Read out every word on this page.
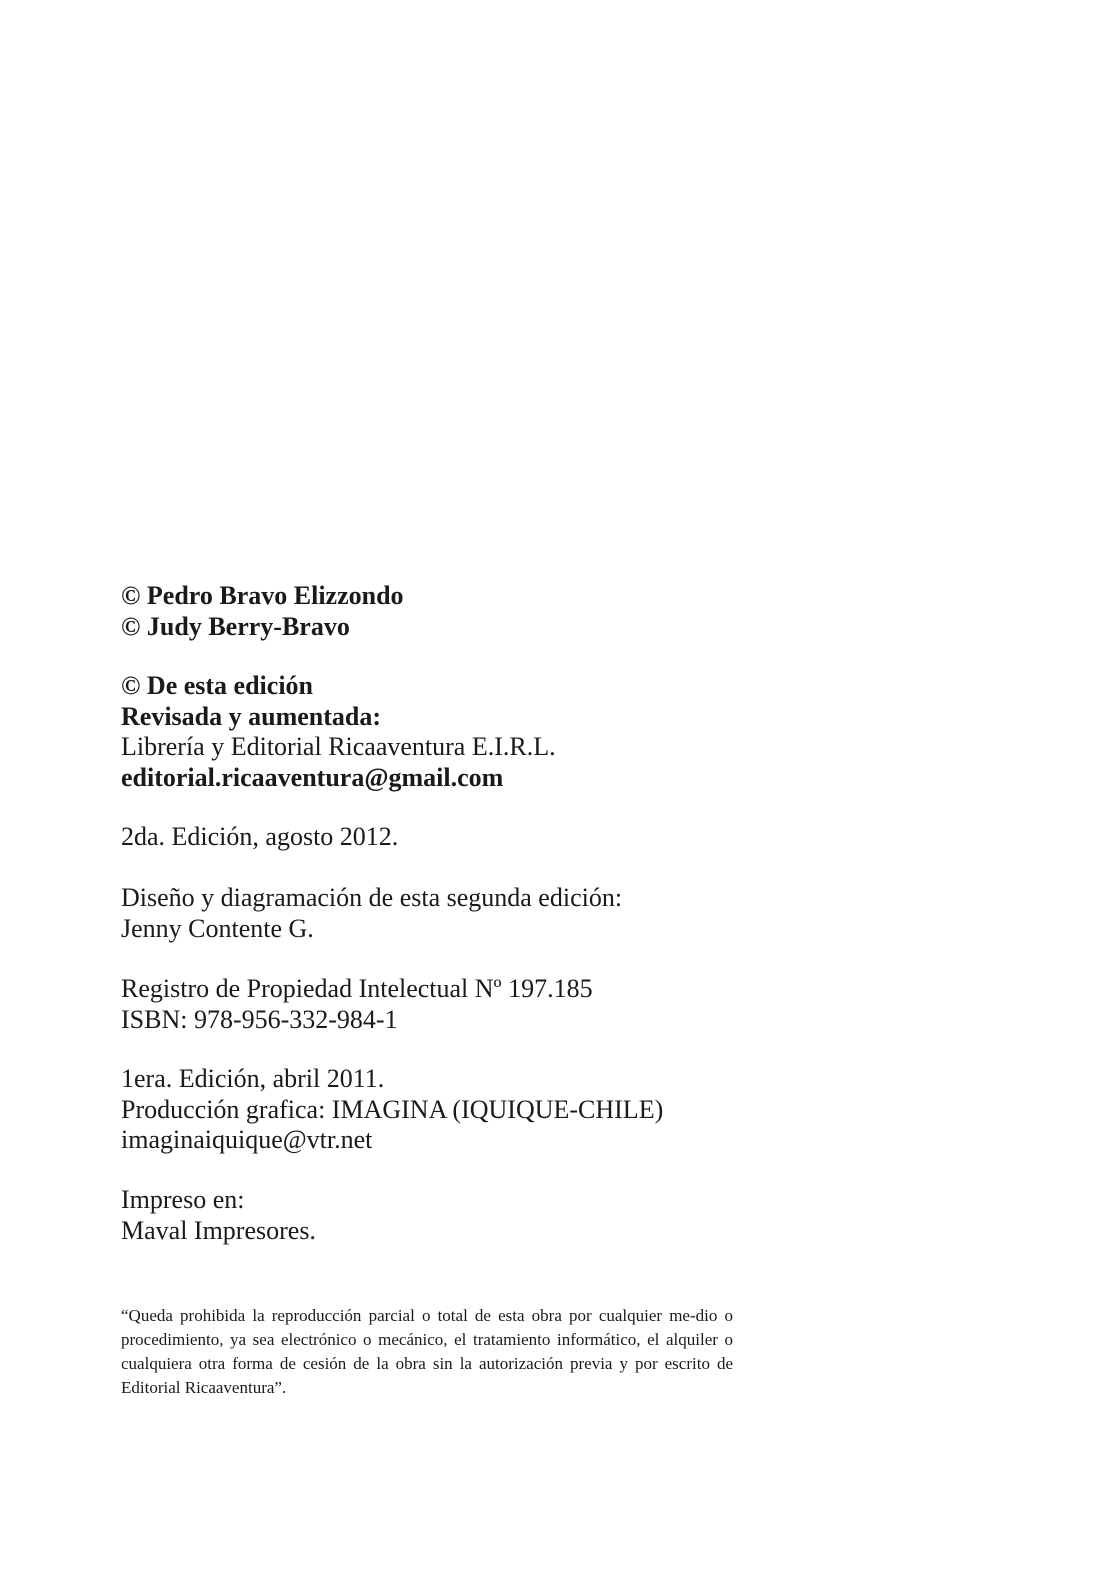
© Pedro Bravo Elizzondo
© Judy Berry-Bravo
© De esta edición
Revisada y aumentada:
Librería y Editorial Ricaaventura E.I.R.L.
editorial.ricaaventura@gmail.com
2da. Edición, agosto 2012.
Diseño y diagramación de esta segunda edición:
Jenny Contente G.
Registro de Propiedad Intelectual Nº 197.185
ISBN: 978-956-332-984-1
1era. Edición, abril 2011.
Producción grafica: IMAGINA (IQUIQUE-CHILE)
imaginaiquique@vtr.net
Impreso en:
Maval Impresores.
“Queda prohibida la reproducción parcial o total de esta obra por cualquier me-dio o procedimiento, ya sea electrónico o mecánico, el tratamiento informático, el alquiler o cualquiera otra forma de cesión de la obra sin la autorización previa y por escrito de Editorial Ricaaventura”.
